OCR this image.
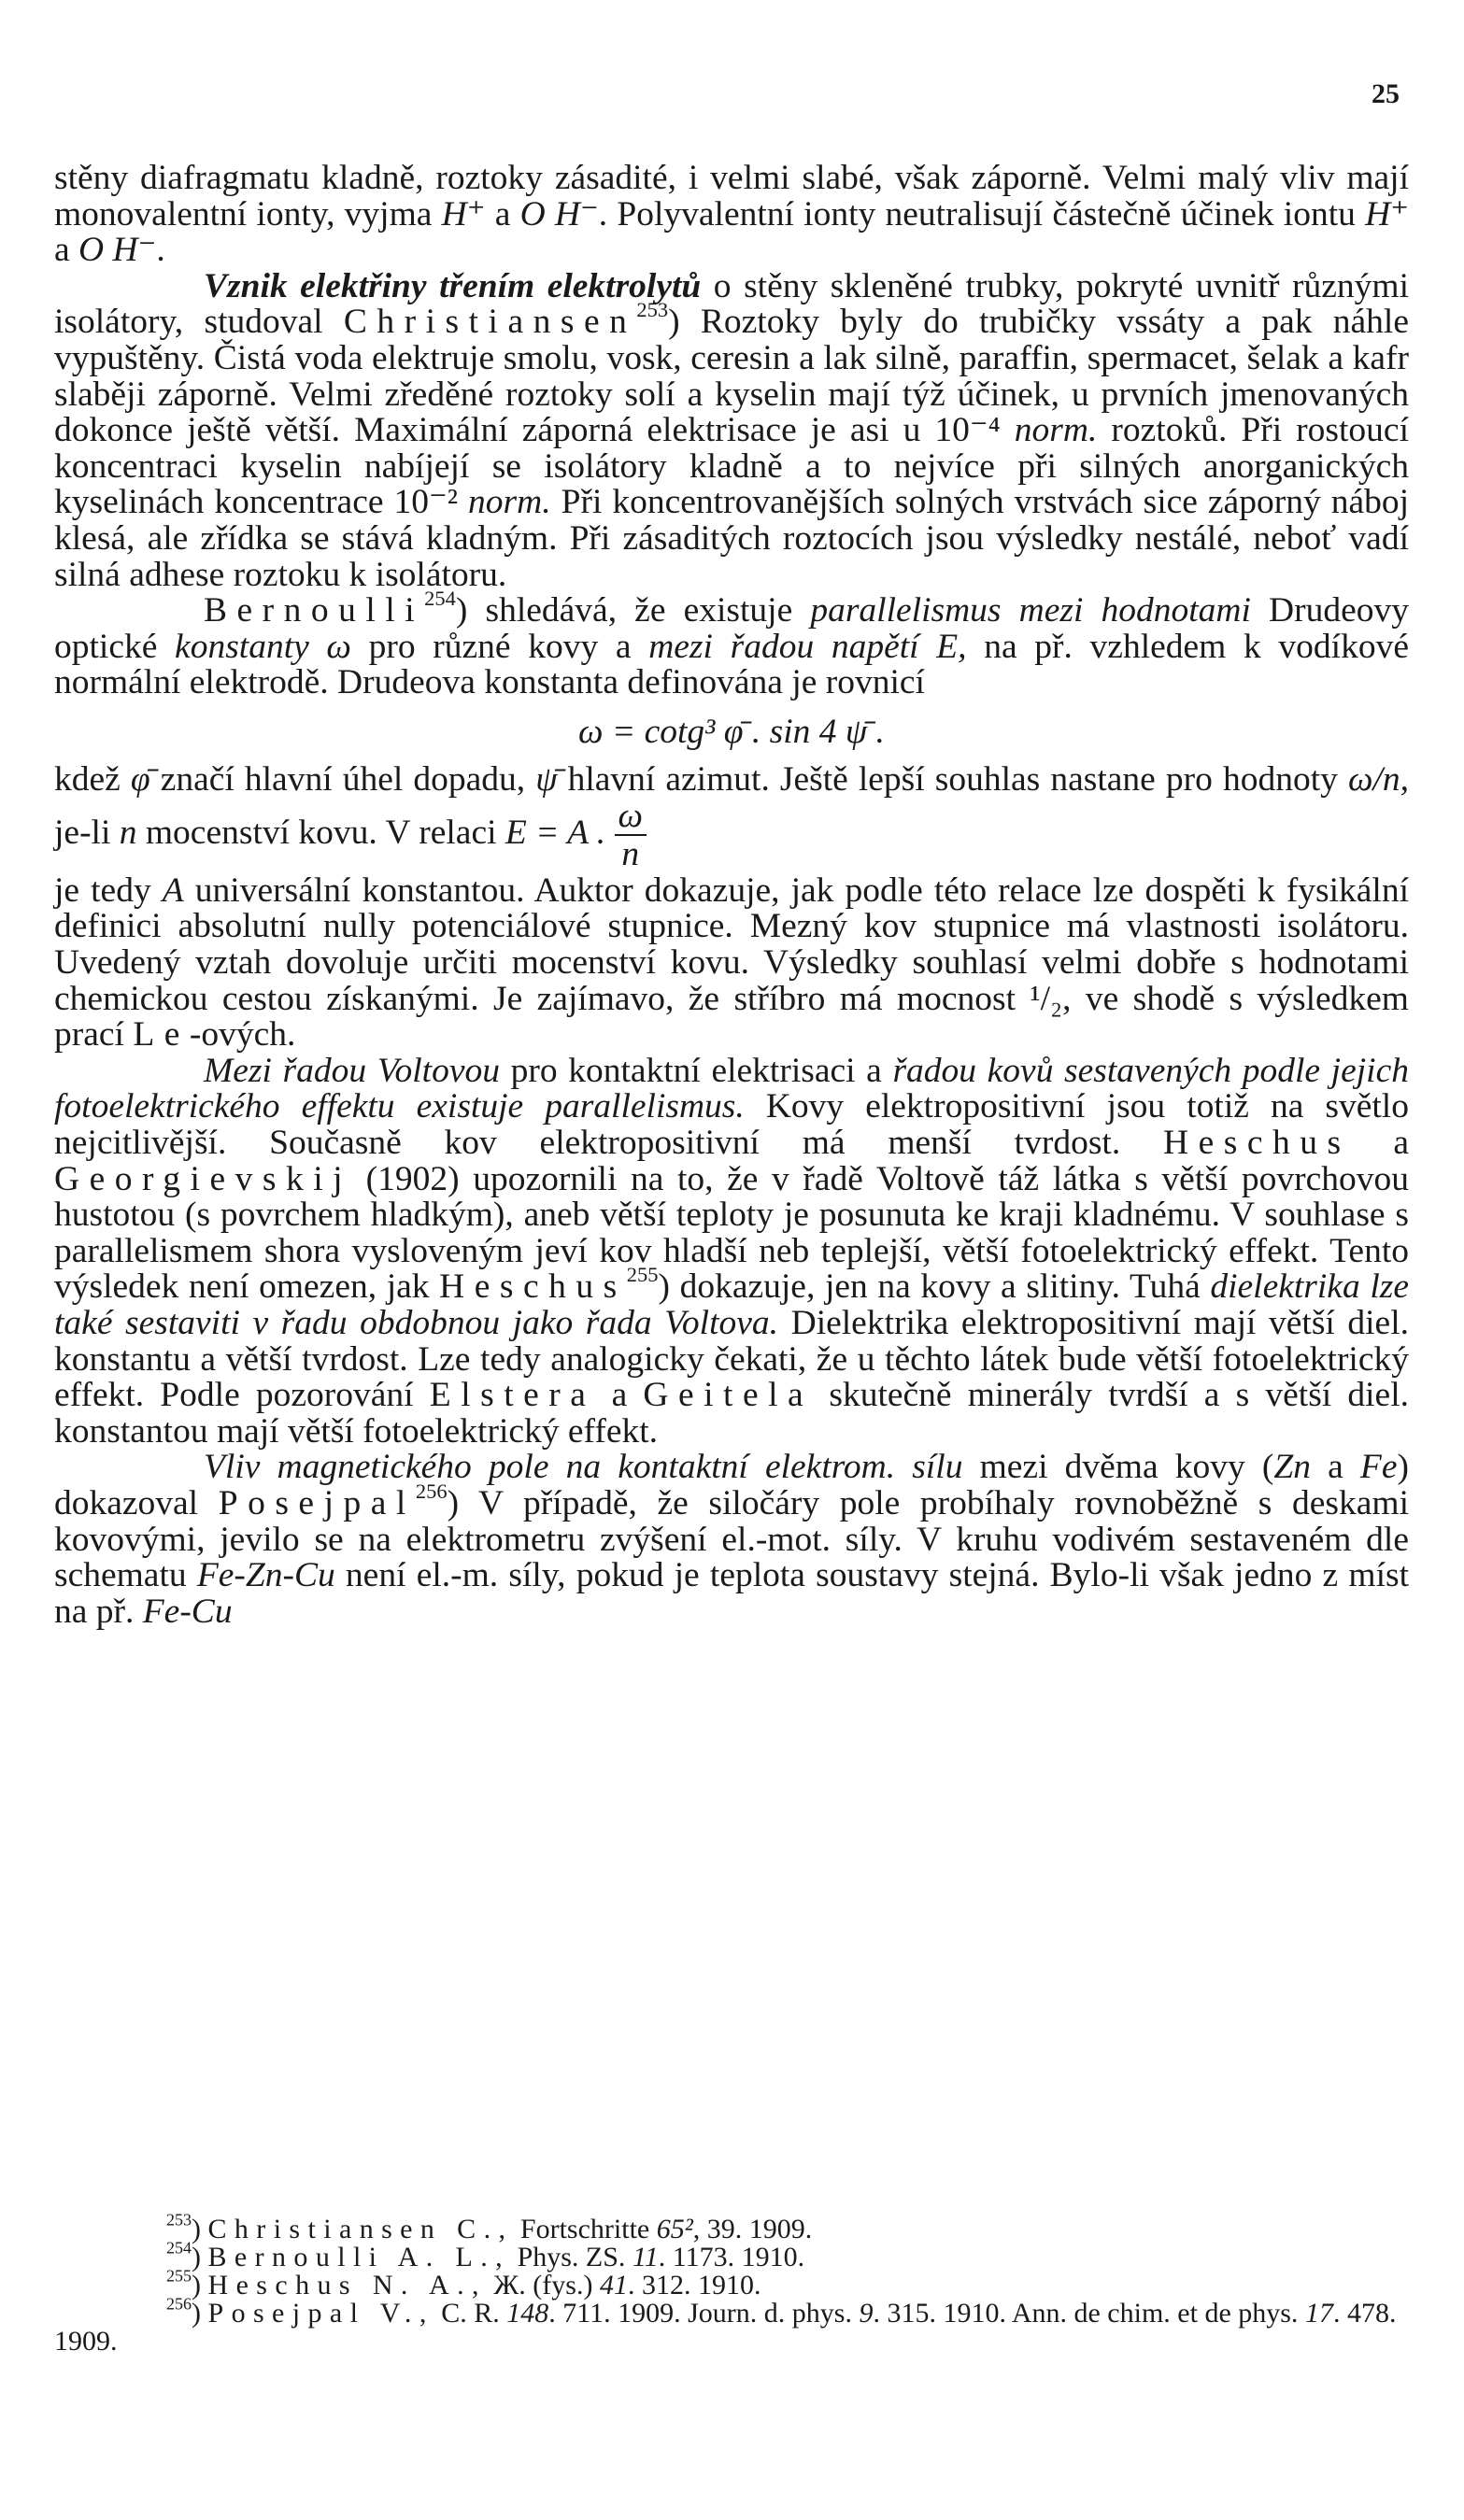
25

stěny diafragmatu kladně, roztoky zásadité, i velmi slabé, však záporně. Velmi malý vliv mají monovalentní ionty, vyjma H⁺ a O H⁻. Polyvalentní ionty neutralisují částečně účinek iontu H⁺ a O H⁻.

Vznik elektřiny třením elektrolytů o stěny skleněné trubky, pokryté uvnitř různými isolátory, studoval Christiansen$^{253}$) Roztoky byly do trubičky vssáty a pak náhle vypuštěny. Čistá voda elektruje smolu, vosk, ceresin a lak silně, paraffin, spermacet, šelak a kafr slaběji záporně. Velmi zředěné roztoky solí a kyselin mají týž účinek, u prvních jmenovaných dokonce ještě větší. Maximální záporná elektrisace je asi u 10⁻⁴ norm. roztoků. Při rostoucí koncentraci kyselin nabíjejí se isolátory kladně a to nejvíce při silných anorganických kyselinách koncentrace 10⁻² norm. Při koncentrovanějších solných vrstvách sice záporný náboj klesá, ale zřídka se stává kladným. Při zásaditých roztocích jsou výsledky nestálé, neboť vadí silná adhese roztoku k isolátoru.

Bernoulli$^{254}$) shledává, že existuje parallelismus mezi hodnotami Drudeovy optické konstanty ω pro různé kovy a mezi řadou napětí E, na př. vzhledem k vodíkové normální elektrodě. Drudeova konstanta definována je rovnicí

ω = cotg³ φ̄ . sin 4 ψ̄ .

kdež φ̄ značí hlavní úhel dopadu, ψ̄ hlavní azimut. Ještě lepší souhlas nastane pro hodnoty ω/n, je-li n mocenství kovu. V relaci E = A . $\frac{\omega}{n}$

je tedy A universální konstantou. Auktor dokazuje, jak podle této relace lze dospěti k fysikální definici absolutní nully potenciálové stupnice. Mezný kov stupnice má vlastnosti isolátoru. Uvedený vztah dovoluje určiti mocenství kovu. Výsledky souhlasí velmi dobře s hodnotami chemickou cestou získanými. Je zajímavo, že stříbro má mocnost ¹/₂, ve shodě s výsledkem prací Le-ových.

Mezi řadou Voltovou pro kontaktní elektrisaci a řadou kovů sestavených podle jejich fotoelektrického effektu existuje parallelismus. Kovy elektropositivní jsou totiž na světlo nejcitlivější. Současně kov elektropositivní má menší tvrdost. Heschus a Georgievskij (1902) upozornili na to, že v řadě Voltově táž látka s větší povrchovou hustotou (s povrchem hladkým), aneb větší teploty je posunuta ke kraji kladnému. V souhlase s parallelismem shora vysloveným jeví kov hladší neb teplejší, větší fotoelektrický effekt. Tento výsledek není omezen, jak Heschus$^{255}$) dokazuje, jen na kovy a slitiny. Tuhá dielektrika lze také sestaviti v řadu obdobnou jako řada Voltova. Dielektrika elektropositivní mají větší diel. konstantu a větší tvrdost. Lze tedy analogicky čekati, že u těchto látek bude větší fotoelektrický effekt. Podle pozorování Elstera a Geitela skutečně minerály tvrdší a s větší diel. konstantou mají větší fotoelektrický effekt.

Vliv magnetického pole na kontaktní elektrom. sílu mezi dvěma kovy (Zn a Fe) dokazoval Posejpal$^{256}$) V případě, že siločáry pole probíhaly rovnoběžně s deskami kovovými, jevilo se na elektrometru zvýšení el.-mot. síly. V kruhu vodivém sestaveném dle schematu Fe-Zn-Cu není el.-m. síly, pokud je teplota soustavy stejná. Bylo-li však jedno z míst na př. Fe-Cu

$^{253}$) Christiansen C., Fortschritte 65², 39. 1909.

$^{254}$) Bernoulli A. L., Phys. ZS. 11. 1173. 1910.

$^{255}$) Heschus N. A., Ж. (fys.) 41. 312. 1910.

$^{256}$) Posejpal V., C. R. 148. 711. 1909. Journ. d. phys. 9. 315. 1910. Ann. de chim. et de phys. 17. 478. 1909.
